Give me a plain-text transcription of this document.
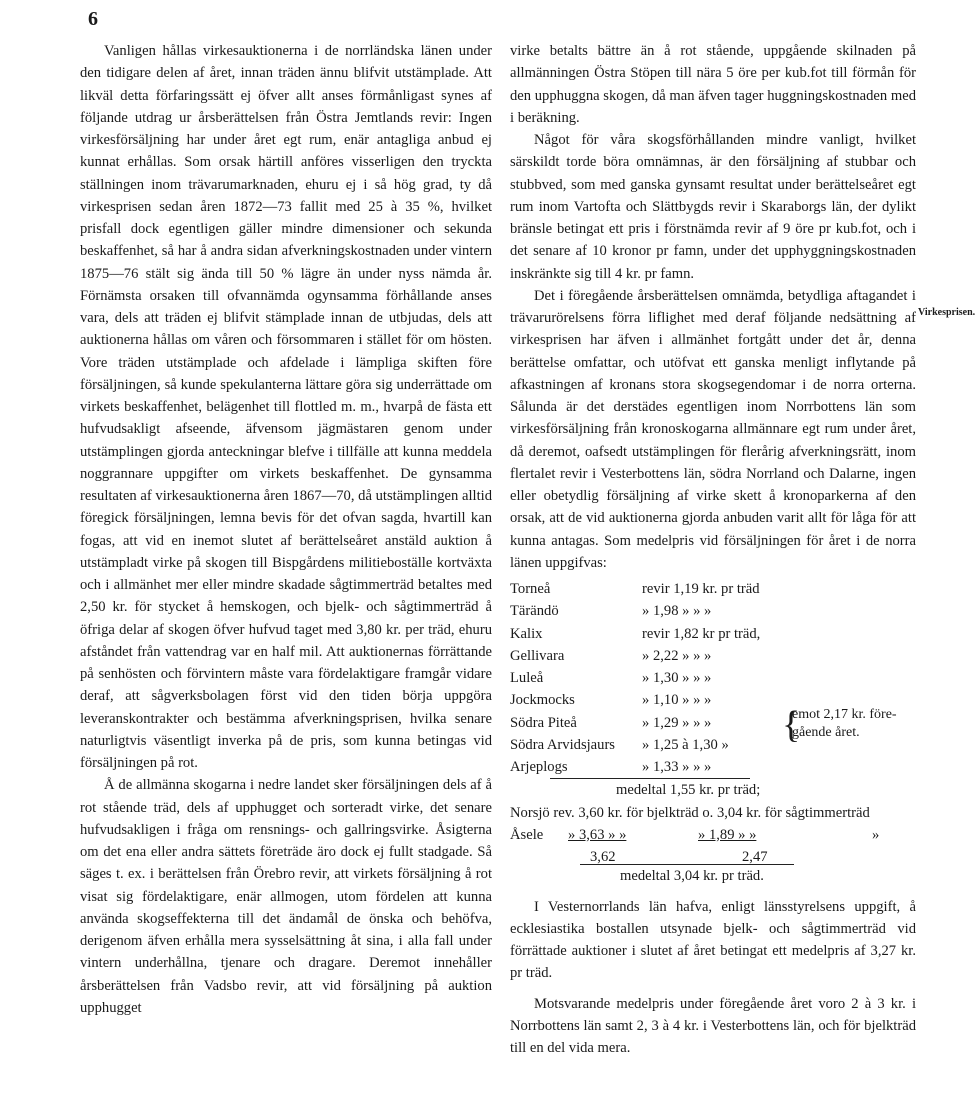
6

Vanligen hållas virkesauktionerna i de norrländska länen under den tidigare delen af året, innan träden ännu blifvit utstämplade. Att likväl detta förfaringssätt ej öfver allt anses förmånligast synes af följande utdrag ur årsberättelsen från Östra Jemtlands revir: Ingen virkesförsäljning har under året egt rum, enär antagliga anbud ej kunnat erhållas. Som orsak härtill anföres visserligen den tryckta ställningen inom trävarumarknaden, ehuru ej i så hög grad, ty då virkesprisen sedan åren 1872—73 fallit med 25 à 35 %, hvilket prisfall dock egentligen gäller mindre dimensioner och sekunda beskaffenhet, så har å andra sidan afverkningskostnaden under vintern 1875—76 stält sig ända till 50 % lägre än under nyss nämda år. Förnämsta orsaken till ofvannämda ogynsamma förhållande anses vara, dels att träden ej blifvit stämplade innan de utbjudas, dels att auktionerna hållas om våren och försommaren i stället för om hösten. Vore träden utstämplade och afdelade i lämpliga skiften före försäljningen, så kunde spekulanterna lättare göra sig underrättade om virkets beskaffenhet, belägenhet till flottled m. m., hvarpå de fästa ett hufvudsakligt afseende, äfvensom jägmästaren genom under utstämplingen gjorda anteckningar blefve i tillfälle att kunna meddela noggrannare uppgifter om virkets beskaffenhet. De gynsamma resultaten af virkesauktionerna åren 1867—70, då utstämplingen alltid föregick försäljningen, lemna bevis för det ofvan sagda, hvartill kan fogas, att vid en inemot slutet af berättelseåret anstäld auktion å utstämpladt virke på skogen till Bispgårdens militieboställe kortväxta och i allmänhet mer eller mindre skadade sågtimmerträd betaltes med 2,50 kr. för stycket å hemskogen, och bjelk- och sågtimmerträd å öfriga delar af skogen öfver hufvud taget med 3,80 kr. per träd, ehuru afståndet från vattendrag var en half mil. Att auktionernas förrättande på senhösten och förvintern måste vara fördelaktigare framgår vidare deraf, att sågverksbolagen först vid den tiden börja uppgöra leveranskontrakter och bestämma afverkningsprisen, hvilka senare naturligtvis väsentligt inverka på de pris, som kunna betingas vid försäljningen på rot.

Å de allmänna skogarna i nedre landet sker försäljningen dels af å rot stående träd, dels af upphugget och sorteradt virke, det senare hufvudsakligen i fråga om rensnings- och gallringsvirke. Åsigterna om det ena eller andra sättets företräde äro dock ej fullt stadgade. Så säges t. ex. i berättelsen från Örebro revir, att virkets försäljning å rot visat sig fördelaktigare, enär allmogen, utom fördelen att kunna använda skogseffekterna till det ändamål de önska och behöfva, derigenom äfven erhålla mera sysselsättning åt sina, i alla fall under vintern underhållna, tjenare och dragare. Deremot innehåller årsberättelsen från Vadsbo revir, att vid försäljning på auktion upphugget

virke betalts bättre än å rot stående, uppgående skilnaden på allmänningen Östra Stöpen till nära 5 öre per kub.fot till förmån för den upphuggna skogen, då man äfven tager huggningskostnaden med i beräkning.

Något för våra skogsförhållanden mindre vanligt, hvilket särskildt torde böra omnämnas, är den försäljning af stubbar och stubbved, som med ganska gynsamt resultat under berättelseåret egt rum inom Vartofta och Slättbygds revir i Skaraborgs län, der dylikt bränsle betingat ett pris i förstnämda revir af 9 öre pr kub.fot, och i det senare af 10 kronor pr famn, under det upphyggningskostnaden inskränkte sig till 4 kr. pr famn.

Det i föregående årsberättelsen omnämda, betydliga aftagandet i trävarurörelsens förra liflighet med deraf följande nedsättning af virkesprisen har äfven i allmänhet fortgått under det år, denna berättelse omfattar, och utöfvat ett ganska menligt inflytande på afkastningen af kronans stora skogsegendomar i de norra orterna. Sålunda är det derstädes egentligen inom Norrbottens län som virkesförsäljning från kronoskogarna allmännare egt rum under året, då deremot, oafsedt utstämplingen för flerårig afverkningsrätt, inom flertalet revir i Vesterbottens län, södra Norrland och Dalarne, ingen eller obetydlig försäljning af virke skett å kronoparkerna af den orsak, att de vid auktionerna gjorda anbuden varit allt för låga för att kunna antagas. Som medelpris vid försäljningen för året i de norra länen uppgifvas:

Torneå	revir 1,19 kr. pr träd
Tärändö	» 1,98 » » »
Kalix	revir 1,82 kr pr träd,
Gellivara	» 2,22 » » »
Luleå	» 1,30 » » »
Jockmocks	» 1,10 » » »
Södra Piteå	» 1,29 » » »
Södra Arvidsjaurs	» 1,25 à 1,30 »
Arjeplogs	» 1,33 » » »
{
emot 2,17 kr. före-
gående året.
medeltal 1,55 kr. pr träd;
Norsjö rev. 3,60 kr. för bjelkträd o. 3,04 kr. för sågtimmerträd
Åsele » 3,63 » »	» 1,89 » »	»
3,62	2,47
medeltal 3,04 kr. pr träd.

I Vesternorrlands län hafva, enligt länsstyrelsens uppgift, å ecklesiastika bostallen utsynade bjelk- och sågtimmerträd vid förrättade auktioner i slutet af året betingat ett medelpris af 3,27 kr. pr träd.

Motsvarande medelpris under föregående året voro 2 à 3 kr. i Norrbottens län samt 2, 3 à 4 kr. i Vesterbottens län, och för bjelkträd till en del vida mera.

Virkesprisen.
